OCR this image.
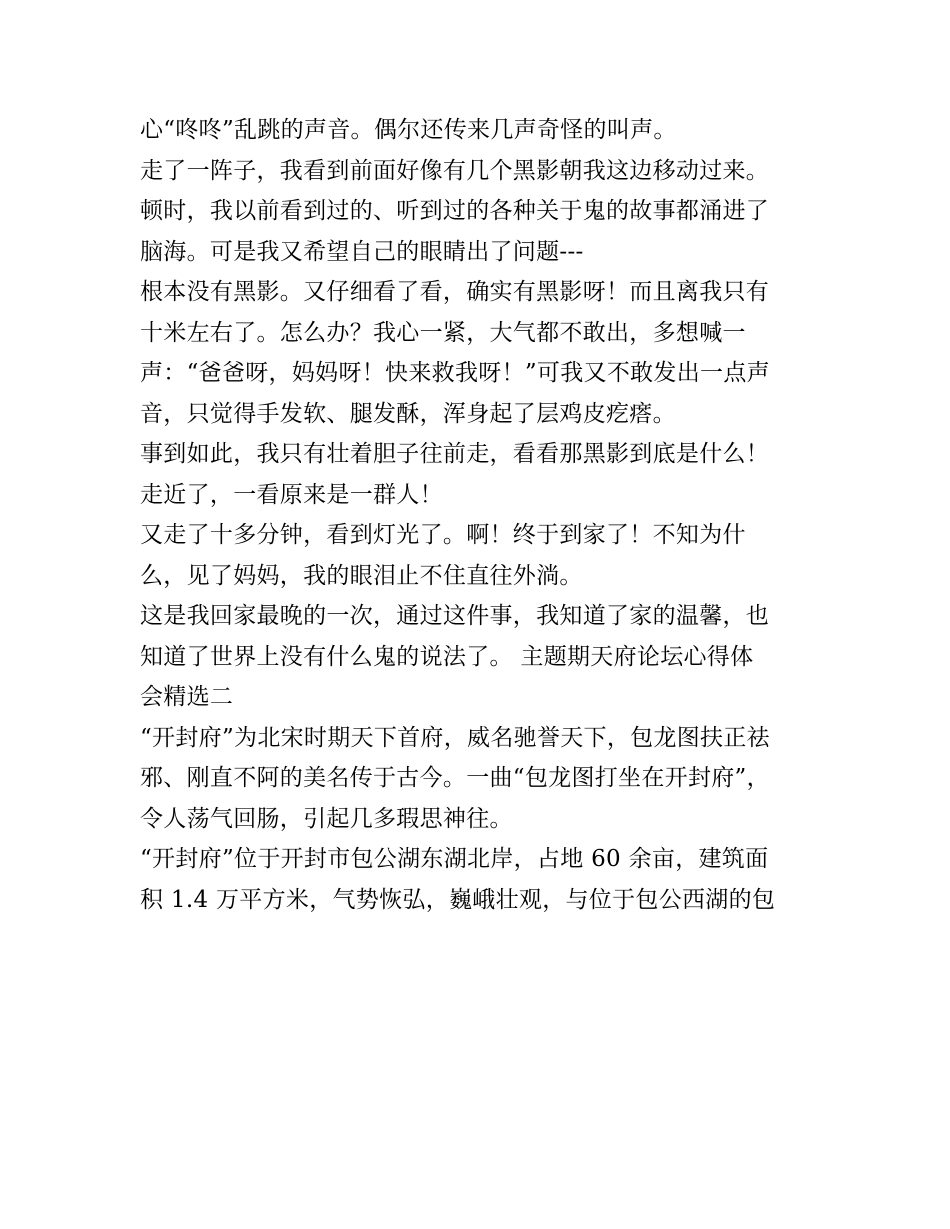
心“咚咚”乱跳的声音。偶尔还传来几声奇怪的叫声。
走了一阵子，我看到前面好像有几个黑影朝我这边移动过来。
顿时，我以前看到过的、听到过的各种关于鬼的故事都涌进了
脑海。可是我又希望自己的眼睛出了问题---
根本没有黑影。又仔细看了看，确实有黑影呀！而且离我只有
十米左右了。怎么办？我心一紧，大气都不敢出，多想喊一
声：“爸爸呀，妈妈呀！快来救我呀！”可我又不敢发出一点声
音，只觉得手发软、腿发酥，浑身起了层鸡皮疙瘩。
事到如此，我只有壮着胆子往前走，看看那黑影到底是什么！
走近了，一看原来是一群人！
又走了十多分钟，看到灯光了。啊！终于到家了！不知为什
么，见了妈妈，我的眼泪止不住直往外淌。
这是我回家最晚的一次，通过这件事，我知道了家的温馨，也
知道了世界上没有什么鬼的说法了。 主题期天府论坛心得体
会精选二
“开封府”为北宋时期天下首府，威名驰誉天下，包龙图扶正祛
邪、刚直不阿的美名传于古今。一曲“包龙图打坐在开封府”，
令人荡气回肠，引起几多瑕思神往。
“开封府”位于开封市包公湖东湖北岸，占地 60 余亩，建筑面
积 1.4 万平方米，气势恢弘，巍峨壮观，与位于包公西湖的包
